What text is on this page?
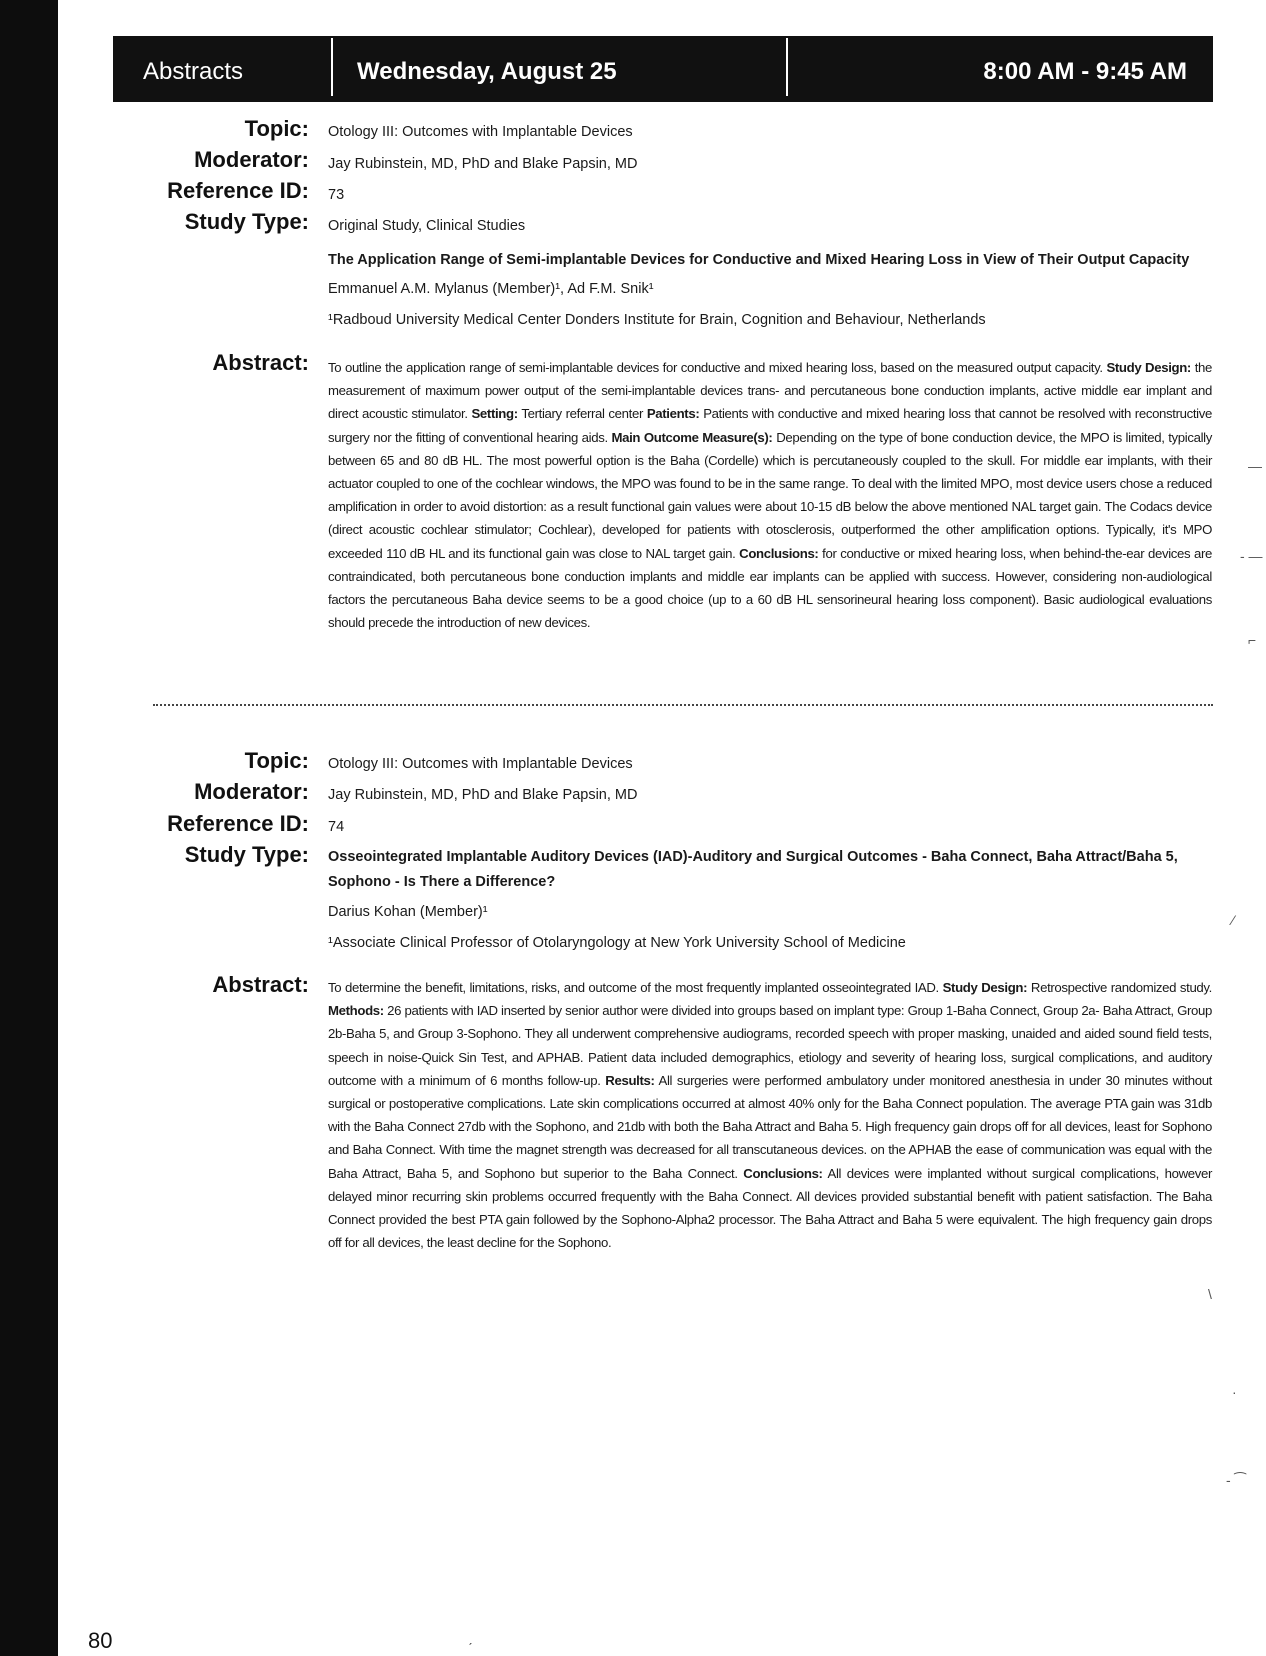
Abstracts	Wednesday, August 25	8:00 AM - 9:45 AM
Topic: Otology III: Outcomes with Implantable Devices
Moderator: Jay Rubinstein, MD, PhD and Blake Papsin, MD
Reference ID: 73
Study Type: Original Study, Clinical Studies
The Application Range of Semi-implantable Devices for Conductive and Mixed Hearing Loss in View of Their Output Capacity
Emmanuel A.M. Mylanus (Member)¹, Ad F.M. Snik¹
¹Radboud University Medical Center Donders Institute for Brain, Cognition and Behaviour, Netherlands
Abstract: To outline the application range of semi-implantable devices for conductive and mixed hearing loss, based on the measured output capacity. Study Design: the measurement of maximum power output of the semi-implantable devices trans- and percutaneous bone conduction implants, active middle ear implant and direct acoustic stimulator. Setting: Tertiary referral center Patients: Patients with conductive and mixed hearing loss that cannot be resolved with reconstructive surgery nor the fitting of conventional hearing aids. Main Outcome Measure(s): Depending on the type of bone conduction device, the MPO is limited, typically between 65 and 80 dB HL. The most powerful option is the Baha (Cordelle) which is percutaneously coupled to the skull. For middle ear implants, with their actuator coupled to one of the cochlear windows, the MPO was found to be in the same range. To deal with the limited MPO, most device users chose a reduced amplification in order to avoid distortion: as a result functional gain values were about 10-15 dB below the above mentioned NAL target gain. The Codacs device (direct acoustic cochlear stimulator; Cochlear), developed for patients with otosclerosis, outperformed the other amplification options. Typically, it's MPO exceeded 110 dB HL and its functional gain was close to NAL target gain. Conclusions: for conductive or mixed hearing loss, when behind-the-ear devices are contraindicated, both percutaneous bone conduction implants and middle ear implants can be applied with success. However, considering non-audiological factors the percutaneous Baha device seems to be a good choice (up to a 60 dB HL sensorineural hearing loss component). Basic audiological evaluations should precede the introduction of new devices.
Topic: Otology III: Outcomes with Implantable Devices
Moderator: Jay Rubinstein, MD, PhD and Blake Papsin, MD
Reference ID: 74
Study Type: Osseointegrated Implantable Auditory Devices (IAD)-Auditory and Surgical Outcomes - Baha Connect, Baha Attract/Baha 5, Sophono - Is There a Difference?
Darius Kohan (Member)¹
¹Associate Clinical Professor of Otolaryngology at New York University School of Medicine
Abstract: To determine the benefit, limitations, risks, and outcome of the most frequently implanted osseointegrated IAD. Study Design: Retrospective randomized study. Methods: 26 patients with IAD inserted by senior author were divided into groups based on implant type: Group 1-Baha Connect, Group 2a- Baha Attract, Group 2b-Baha 5, and Group 3-Sophono. They all underwent comprehensive audiograms, recorded speech with proper masking, unaided and aided sound field tests, speech in noise-Quick Sin Test, and APHAB. Patient data included demographics, etiology and severity of hearing loss, surgical complications, and auditory outcome with a minimum of 6 months follow-up. Results: All surgeries were performed ambulatory under monitored anesthesia in under 30 minutes without surgical or postoperative complications. Late skin complications occurred at almost 40% only for the Baha Connect population. The average PTA gain was 31db with the Baha Connect 27db with the Sophono, and 21db with both the Baha Attract and Baha 5. High frequency gain drops off for all devices, least for Sophono and Baha Connect. With time the magnet strength was decreased for all transcutaneous devices. on the APHAB the ease of communication was equal with the Baha Attract, Baha 5, and Sophono but superior to the Baha Connect. Conclusions: All devices were implanted without surgical complications, however delayed minor recurring skin problems occurred frequently with the Baha Connect. All devices provided substantial benefit with patient satisfaction. The Baha Connect provided the best PTA gain followed by the Sophono-Alpha2 processor. The Baha Attract and Baha 5 were equivalent. The high frequency gain drops off for all devices, the least decline for the Sophono.
80
—
- —
⌐
⁄
\
·
- ⁀
ˊ
